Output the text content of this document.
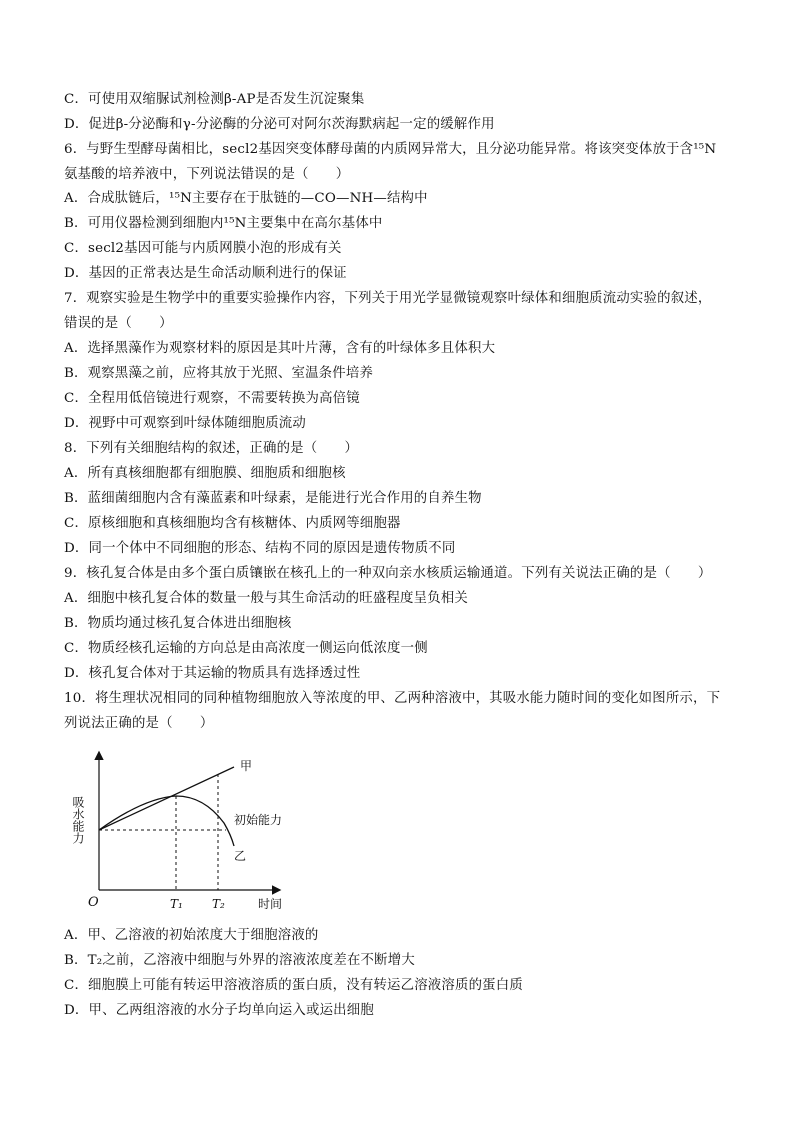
C．可使用双缩脲试剂检测β-AP是否发生沉淀聚集
D．促进β-分泌酶和γ-分泌酶的分泌可对阿尔茨海默病起一定的缓解作用
6．与野生型酵母菌相比，secl2基因突变体酵母菌的内质网异常大，且分泌功能异常。将该突变体放于含¹⁵N
氨基酸的培养液中，下列说法错误的是（　　）
A．合成肽链后，¹⁵N主要存在于肽链的—CO—NH—结构中
B．可用仪器检测到细胞内¹⁵N主要集中在高尔基体中
C．secl2基因可能与内质网膜小泡的形成有关
D．基因的正常表达是生命活动顺利进行的保证
7．观察实验是生物学中的重要实验操作内容，下列关于用光学显微镜观察叶绿体和细胞质流动实验的叙述，
错误的是（　　）
A．选择黑藻作为观察材料的原因是其叶片薄，含有的叶绿体多且体积大
B．观察黑藻之前，应将其放于光照、室温条件培养
C．全程用低倍镜进行观察，不需要转换为高倍镜
D．视野中可观察到叶绿体随细胞质流动
8．下列有关细胞结构的叙述，正确的是（　　）
A．所有真核细胞都有细胞膜、细胞质和细胞核
B．蓝细菌细胞内含有藻蓝素和叶绿素，是能进行光合作用的自养生物
C．原核细胞和真核细胞均含有核糖体、内质网等细胞器
D．同一个体中不同细胞的形态、结构不同的原因是遗传物质不同
9．核孔复合体是由多个蛋白质镶嵌在核孔上的一种双向亲水核质运输通道。下列有关说法正确的是（　　）
A．细胞中核孔复合体的数量一般与其生命活动的旺盛程度呈负相关
B．物质均通过核孔复合体进出细胞核
C．物质经核孔运输的方向总是由高浓度一侧运向低浓度一侧
D．核孔复合体对于其运输的物质具有选择透过性
10．将生理状况相同的同种植物细胞放入等浓度的甲、乙两种溶液中，其吸水能力随时间的变化如图所示，下
列说法正确的是（　　）
吸水能力
时间
O	T₁ T₂
甲
乙
初始能力
A．甲、乙溶液的初始浓度大于细胞溶液的
B．T₂之前，乙溶液中细胞与外界的溶液浓度差在不断增大
C．细胞膜上可能有转运甲溶液溶质的蛋白质，没有转运乙溶液溶质的蛋白质
D．甲、乙两组溶液的水分子均单向运入或运出细胞
